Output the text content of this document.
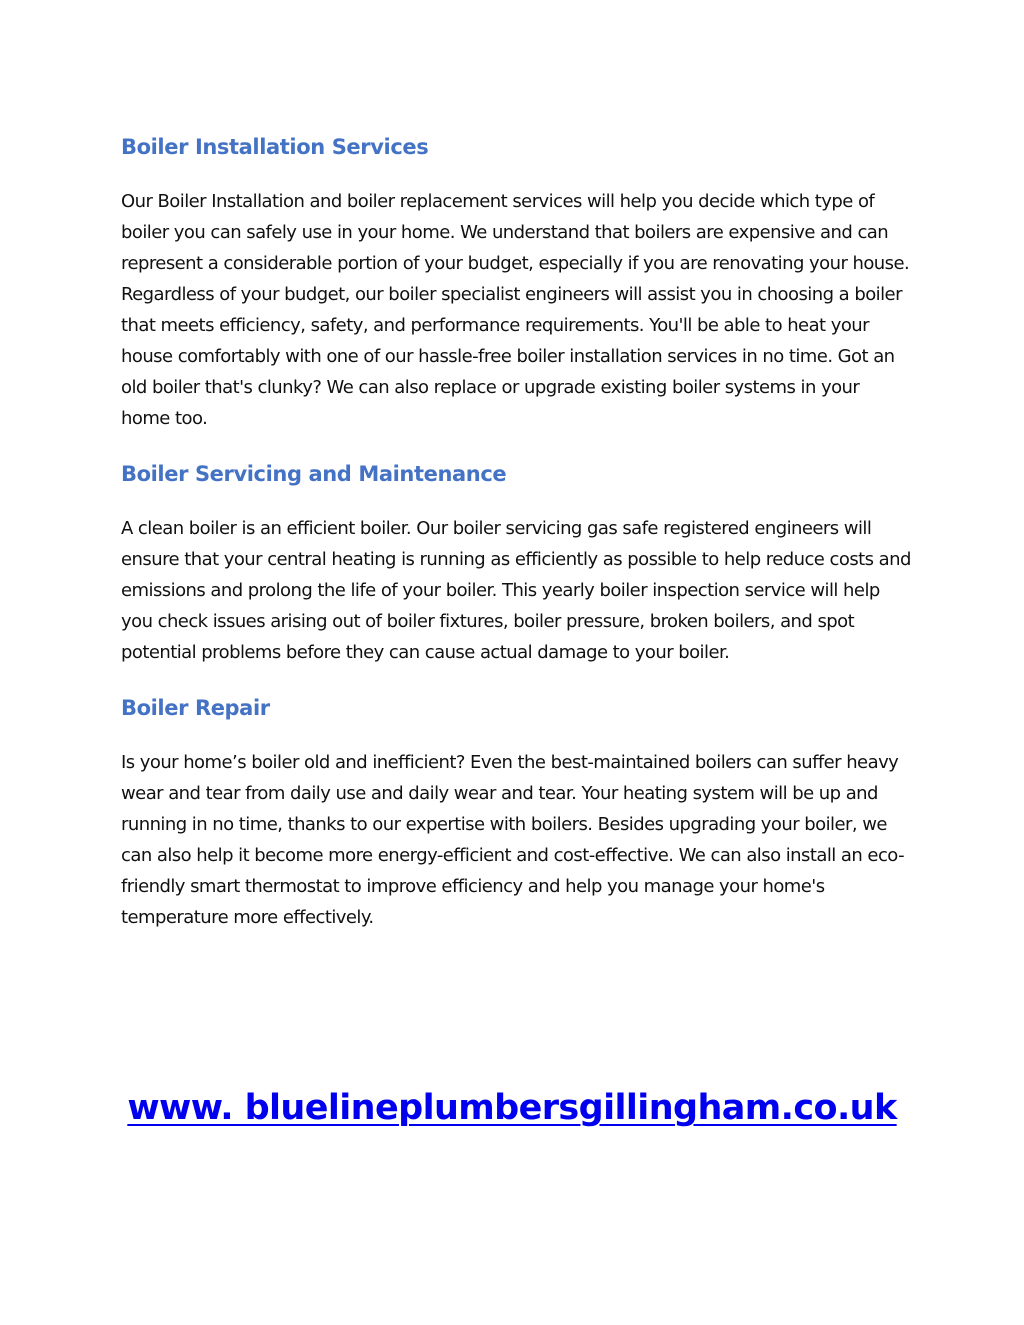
Boiler Installation Services

Our Boiler Installation and boiler replacement services will help you decide which type of boiler you can safely use in your home. We understand that boilers are expensive and can represent a considerable portion of your budget, especially if you are renovating your house. Regardless of your budget, our boiler specialist engineers will assist you in choosing a boiler that meets efficiency, safety, and performance requirements. You'll be able to heat your house comfortably with one of our hassle-free boiler installation services in no time. Got an old boiler that's clunky? We can also replace or upgrade existing boiler systems in your home too.

Boiler Servicing and Maintenance

A clean boiler is an efficient boiler. Our boiler servicing gas safe registered engineers will ensure that your central heating is running as efficiently as possible to help reduce costs and emissions and prolong the life of your boiler. This yearly boiler inspection service will help you check issues arising out of boiler fixtures, boiler pressure, broken boilers, and spot potential problems before they can cause actual damage to your boiler.

Boiler Repair

Is your home’s boiler old and inefficient? Even the best-maintained boilers can suffer heavy wear and tear from daily use and daily wear and tear. Your heating system will be up and running in no time, thanks to our expertise with boilers. Besides upgrading your boiler, we can also help it become more energy-efficient and cost-effective. We can also install an eco-friendly smart thermostat to improve efficiency and help you manage your home's temperature more effectively.

www. bluelineplumbersgillingham.co.uk
